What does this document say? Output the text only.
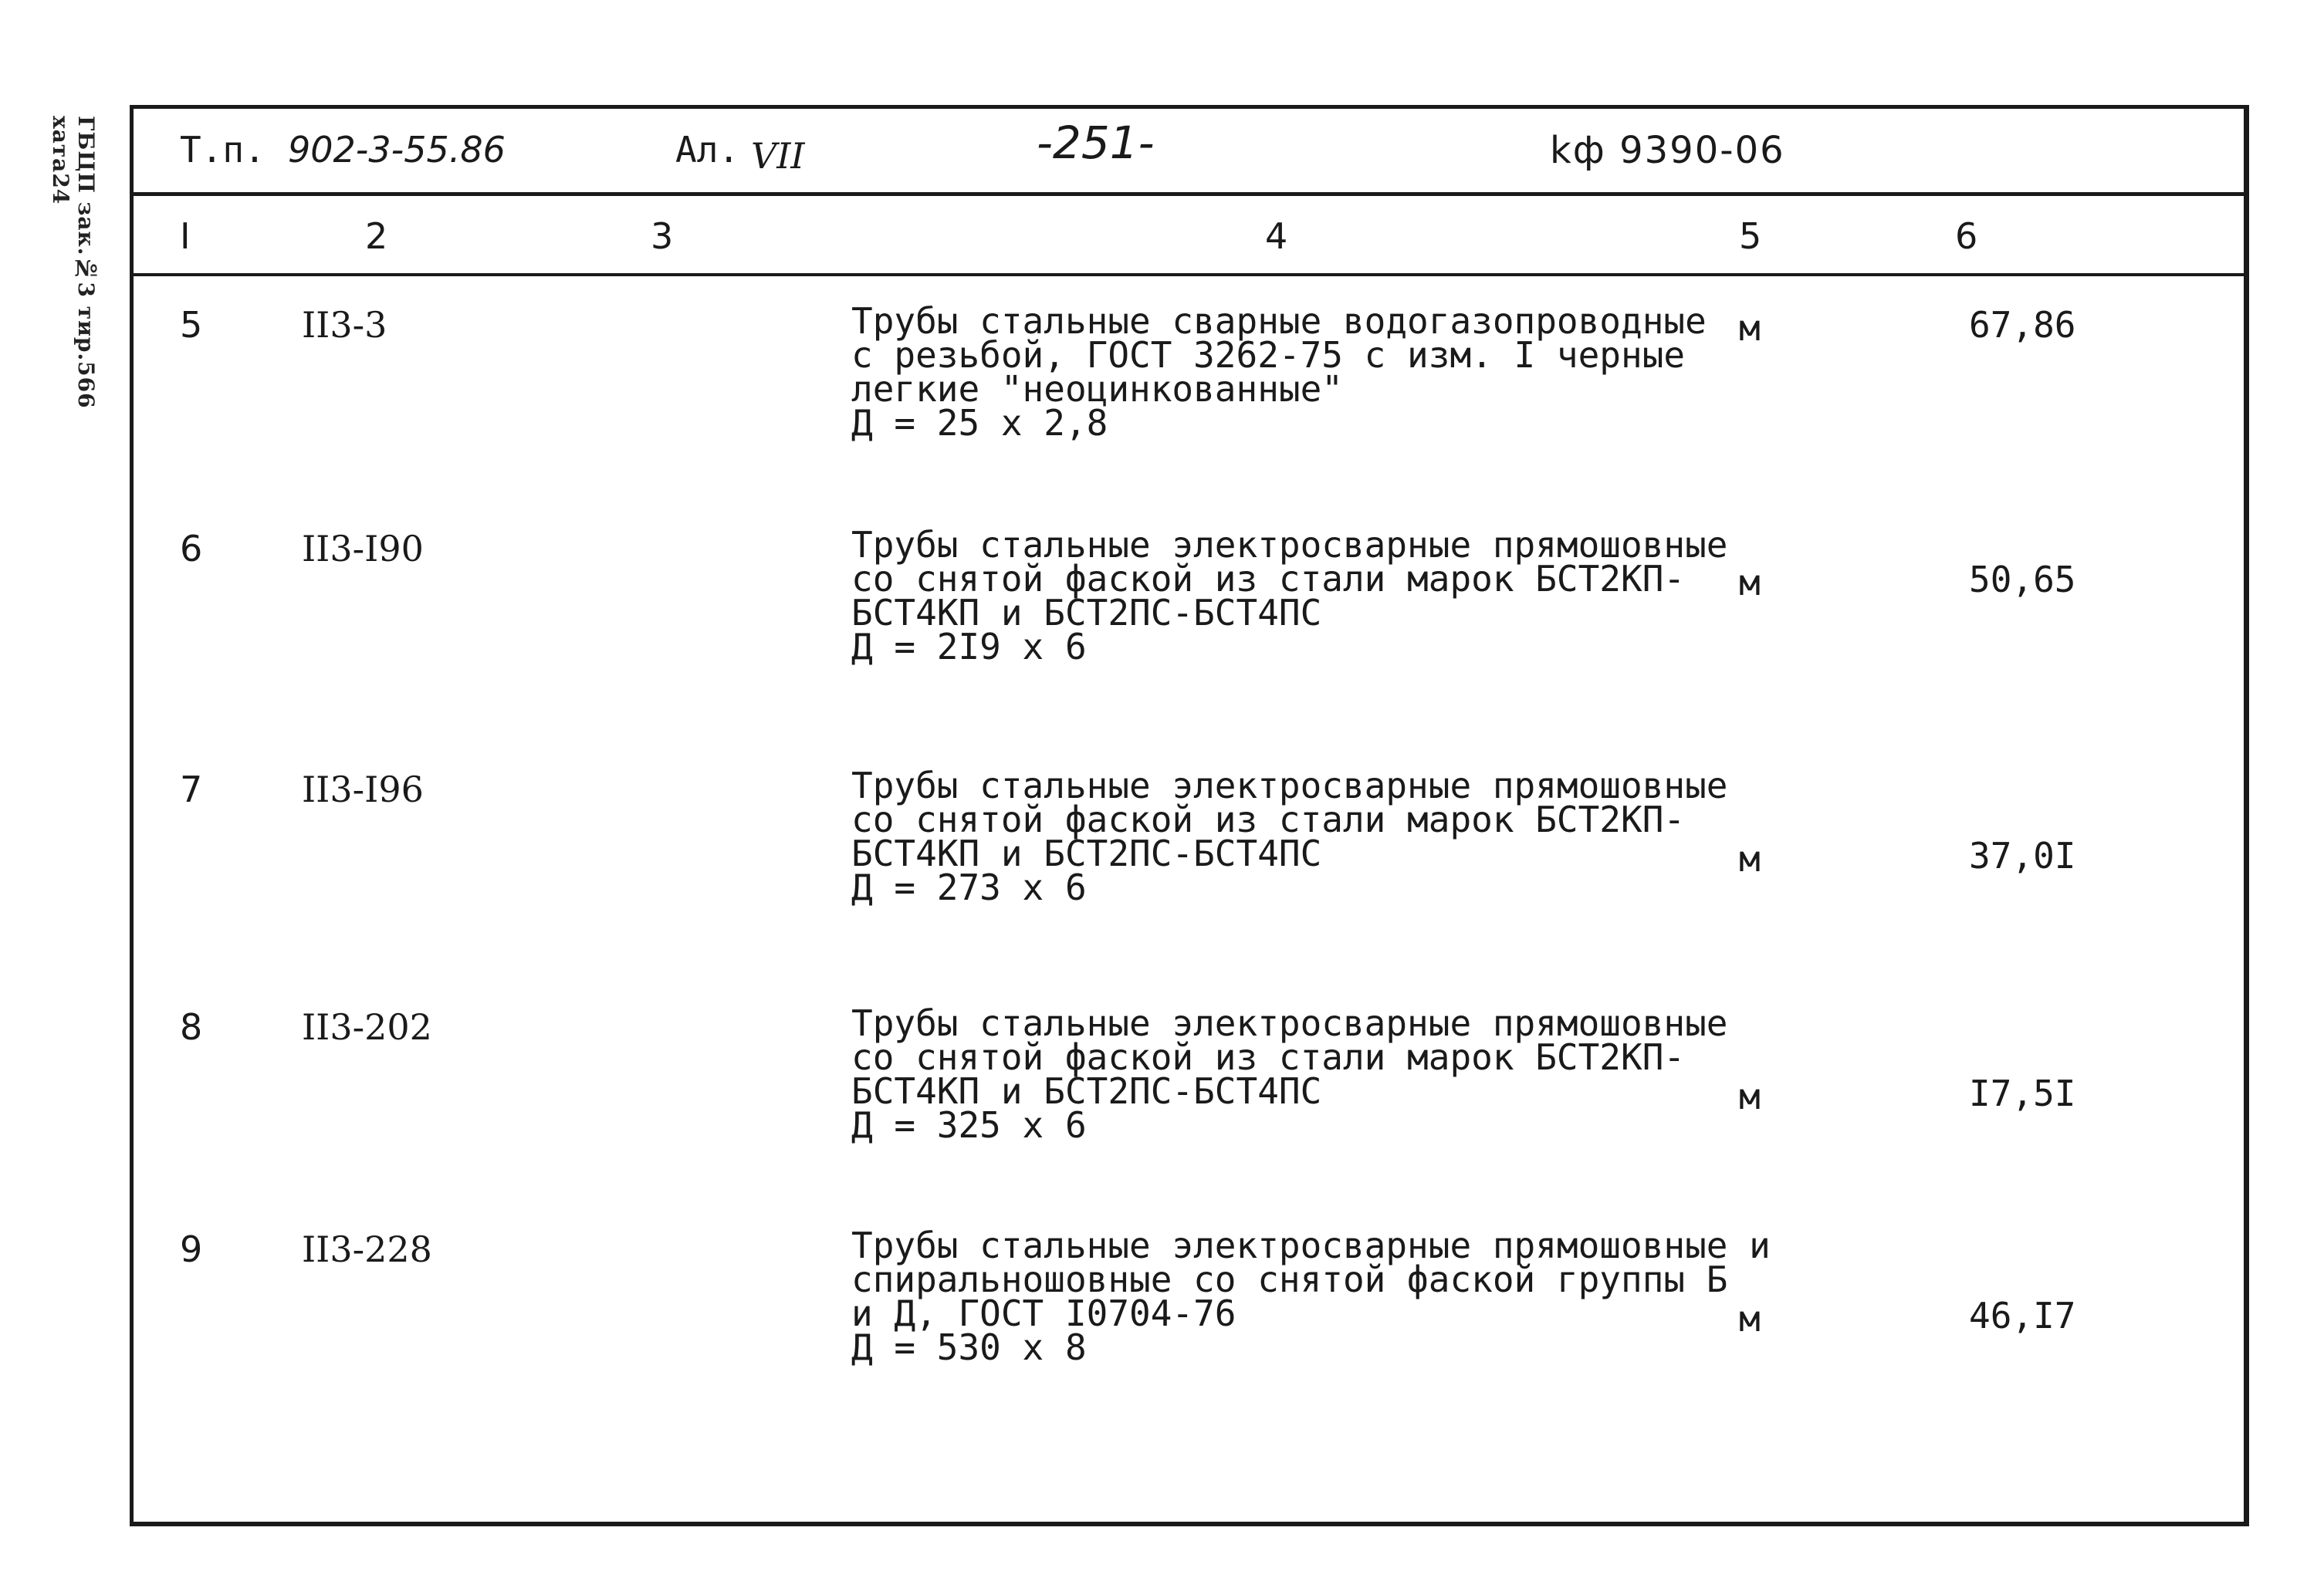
ГБЦП зак.№3 тир.566 хата24	Т.п. 902-3-55.86	Ал. VII	-251-	kф 9390-06
I	2	3	4	5	6
5	II3-3	Трубы стальные сварные водогазопроводные
с резьбой, ГОСТ 3262-75 с изм. I черные
легкие "неоцинкованные"
Д = 25 х 2,8
м	67,86
6	II3-I90	Трубы стальные электросварные прямошовные
со снятой фаской из стали марок БСТ2КП-
БСТ4КП и БСТ2ПС-БСТ4ПС
Д = 2I9 х 6
м	50,65
7	II3-I96	Трубы стальные электросварные прямошовные
со снятой фаской из стали марок БСТ2КП-
БСТ4КП и БСТ2ПС-БСТ4ПС
Д = 273 х 6
м	37,0I
8	II3-202	Трубы стальные электросварные прямошовные
со снятой фаской из стали марок БСТ2КП-
БСТ4КП и БСТ2ПС-БСТ4ПС
Д = 325 х 6
м	I7,5I
9	II3-228	Трубы стальные электросварные прямошовные и
спиральношовные со снятой фаской группы Б
и Д, ГОСТ I0704-76
Д = 530 х 8
м	46,I7
